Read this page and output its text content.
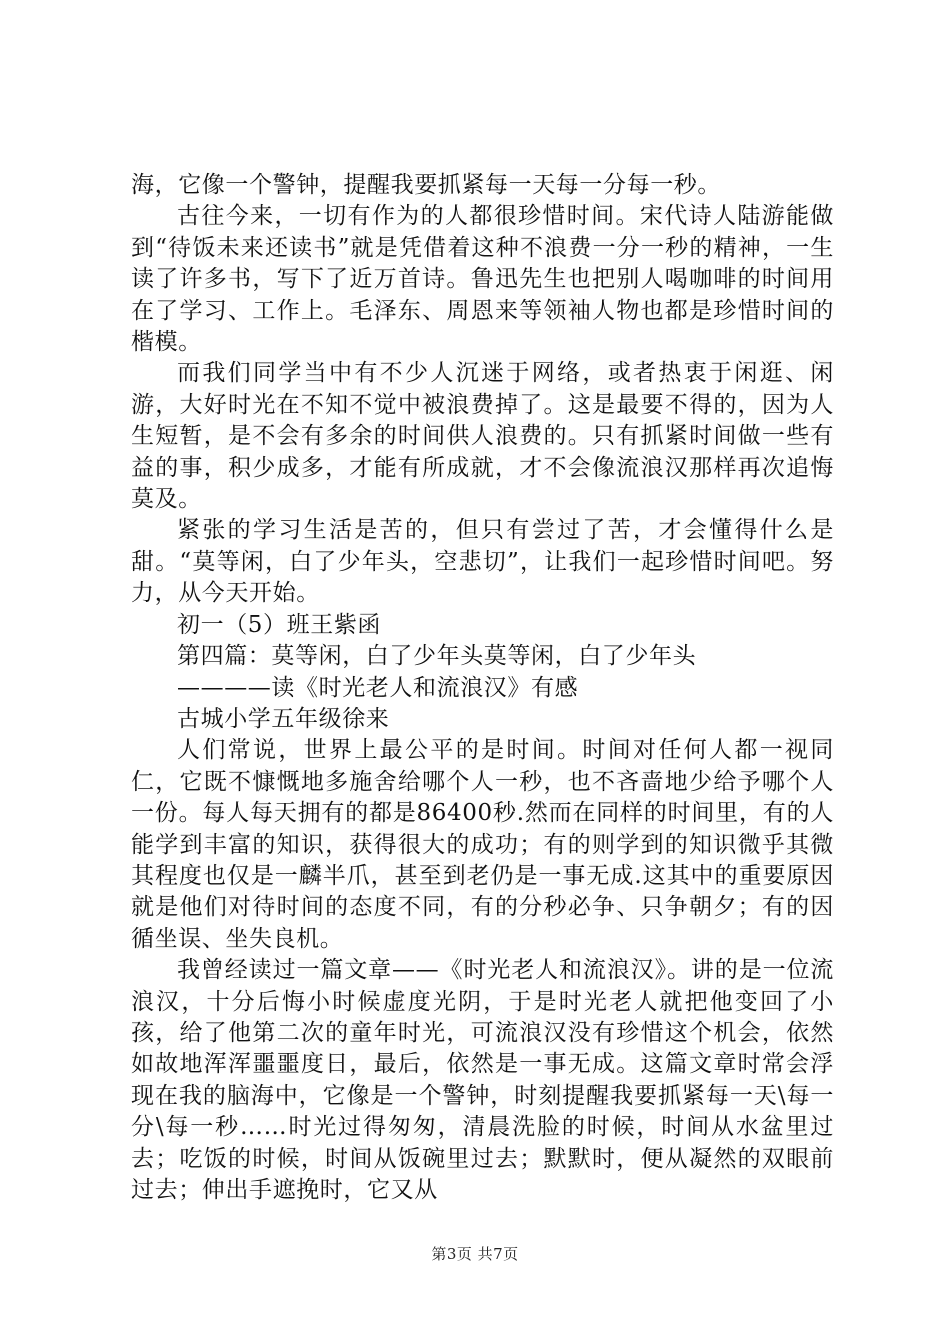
海，它像一个警钟，提醒我要抓紧每一天每一分每一秒。

古往今来，一切有作为的人都很珍惜时间。宋代诗人陆游能做到“待饭未来还读书”就是凭借着这种不浪费一分一秒的精神，一生读了许多书，写下了近万首诗。鲁迅先生也把别人喝咖啡的时间用在了学习、工作上。毛泽东、周恩来等领袖人物也都是珍惜时间的楷模。

而我们同学当中有不少人沉迷于网络，或者热衷于闲逛、闲游，大好时光在不知不觉中被浪费掉了。这是最要不得的，因为人生短暂，是不会有多余的时间供人浪费的。只有抓紧时间做一些有益的事，积少成多，才能有所成就，才不会像流浪汉那样再次追悔莫及。

紧张的学习生活是苦的，但只有尝过了苦，才会懂得什么是甜。“莫等闲，白了少年头，空悲切”，让我们一起珍惜时间吧。努力，从今天开始。

初一（5）班王紫函

第四篇：莫等闲，白了少年头莫等闲，白了少年头

————读《时光老人和流浪汉》有感

古城小学五年级徐来

人们常说，世界上最公平的是时间。时间对任何人都一视同仁，它既不慷慨地多施舍给哪个人一秒，也不吝啬地少给予哪个人一份。每人每天拥有的都是86400秒.然而在同样的时间里，有的人能学到丰富的知识，获得很大的成功；有的则学到的知识微乎其微其程度也仅是一麟半爪，甚至到老仍是一事无成.这其中的重要原因就是他们对待时间的态度不同，有的分秒必争、只争朝夕；有的因循坐误、坐失良机。

我曾经读过一篇文章——《时光老人和流浪汉》。讲的是一位流浪汉，十分后悔小时候虚度光阴，于是时光老人就把他变回了小孩，给了他第二次的童年时光，可流浪汉没有珍惜这个机会，依然如故地浑浑噩噩度日，最后，依然是一事无成。这篇文章时常会浮现在我的脑海中，它像是一个警钟，时刻提醒我要抓紧每一天\每一分\每一秒……时光过得匆匆，清晨洗脸的时候，时间从水盆里过去；吃饭的时候，时间从饭碗里过去；默默时，便从凝然的双眼前过去；伸出手遮挽时，它又从

第3页 共7页
